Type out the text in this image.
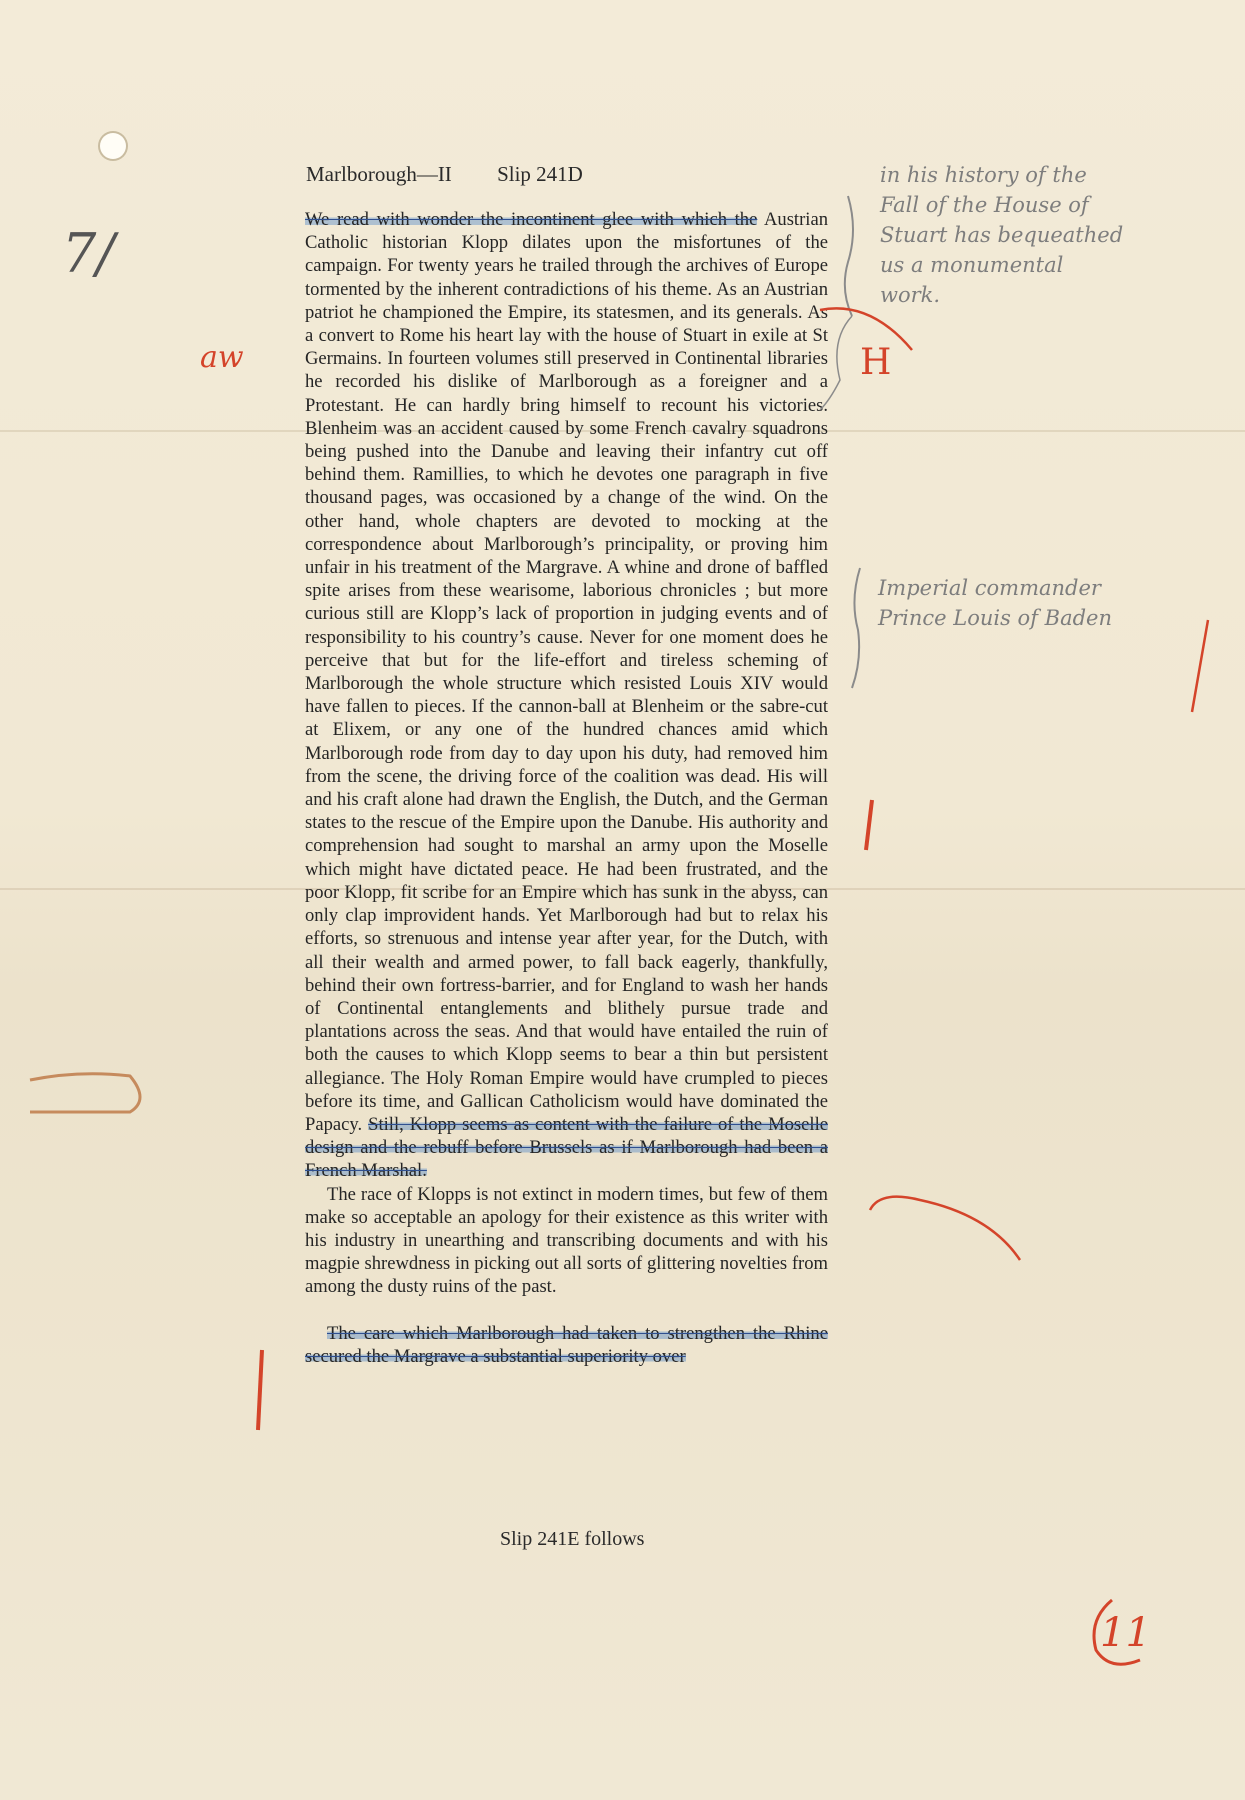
Marlborough—II Slip 241D

We read with wonder the incontinent glee with which the Austrian Catholic historian Klopp dilates upon the misfortunes of the campaign. For twenty years he trailed through the archives of Europe tormented by the inherent contradictions of his theme. As an Austrian patriot he championed the Empire, its statesmen, and its generals. As a convert to Rome his heart lay with the house of Stuart in exile at St Germains. In fourteen volumes still preserved in Continental libraries he recorded his dislike of Marlborough as a foreigner and a Protestant. He can hardly bring himself to recount his victories. Blenheim was an accident caused by some French cavalry squadrons being pushed into the Danube and leaving their infantry cut off behind them. Ramillies, to which he devotes one paragraph in five thousand pages, was occasioned by a change of the wind. On the other hand, whole chapters are devoted to mocking at the correspondence about Marlborough’s principality, or proving him unfair in his treatment of the Margrave. A whine and drone of baffled spite arises from these wearisome, laborious chronicles ; but more curious still are Klopp’s lack of proportion in judging events and of responsibility to his country’s cause. Never for one moment does he perceive that but for the life-effort and tireless scheming of Marlborough the whole structure which resisted Louis XIV would have fallen to pieces. If the cannon-ball at Blenheim or the sabre-cut at Elixem, or any one of the hundred chances amid which Marlborough rode from day to day upon his duty, had removed him from the scene, the driving force of the coalition was dead. His will and his craft alone had drawn the English, the Dutch, and the German states to the rescue of the Empire upon the Danube. His authority and comprehension had sought to marshal an army upon the Moselle which might have dictated peace. He had been frustrated, and the poor Klopp, fit scribe for an Empire which has sunk in the abyss, can only clap improvident hands. Yet Marlborough had but to relax his efforts, so strenuous and intense year after year, for the Dutch, with all their wealth and armed power, to fall back eagerly, thankfully, behind their own fortress-barrier, and for England to wash her hands of Continental entanglements and blithely pursue trade and plantations across the seas. And that would have entailed the ruin of both the causes to which Klopp seems to bear a thin but persistent allegiance. The Holy Roman Empire would have crumpled to pieces before its time, and Gallican Catholicism would have dominated the Papacy. Still, Klopp seems as content with the failure of the Moselle design and the rebuff before Brussels as if Marlborough had been a French Marshal.

The race of Klopps is not extinct in modern times, but few of them make so acceptable an apology for their existence as this writer with his industry in unearthing and transcribing documents and with his magpie shrewdness in picking out all sorts of glittering novelties from among the dusty ruins of the past.

The care which Marlborough had taken to strengthen the Rhine secured the Margrave a substantial superiority over

Slip 241E follows
in his history of the
Fall of the House of
Stuart has bequeathed
us a monumental
work.
Imperial commander
Prince Louis of Baden
7/
aw	H
11
